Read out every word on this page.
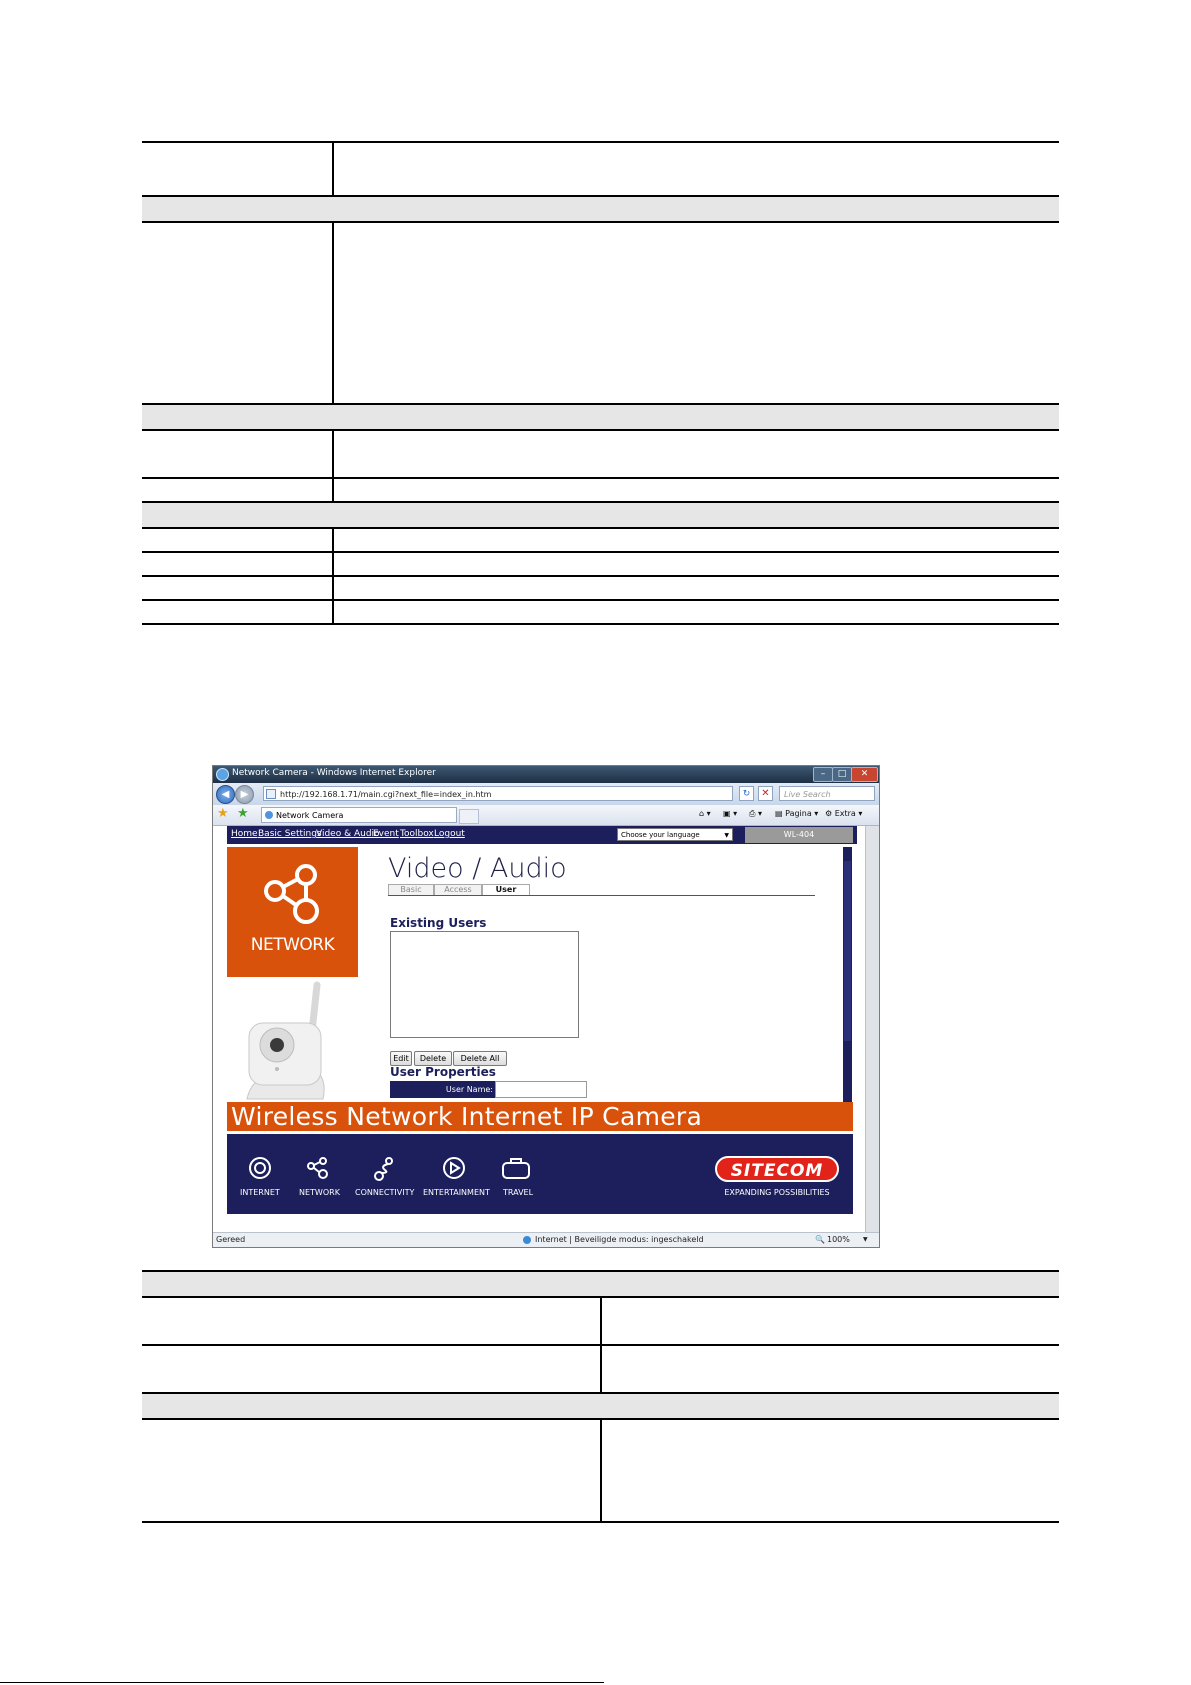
Network Camera - Windows Internet Explorer	–	□	✕
◀	▶	http://192.168.1.71/main.cgi?next_file=index_in.htm	↻	✕	Live Search
★ ★	Network Camera	⌂ ▾ ▣ ▾ ⎙ ▾ ▤ Pagina ▾ ⚙ Extra ▾
Home Basic Settings
Video & Audio
Event Toolbox Logout	Choose your language	▼	WL-404
NETWORK
Video / Audio
Basic	Access	User
Existing Users
Edit	Delete	Delete All
User Properties
User Name:
Wireless Network Internet IP Camera
INTERNET NETWORK CONNECTIVITY ENTERTAINMENT TRAVEL
SITECOM
EXPANDING POSSIBILITIES
Gereed	Internet | Beveiligde modus: ingeschakeld	🔍 100% ▼
